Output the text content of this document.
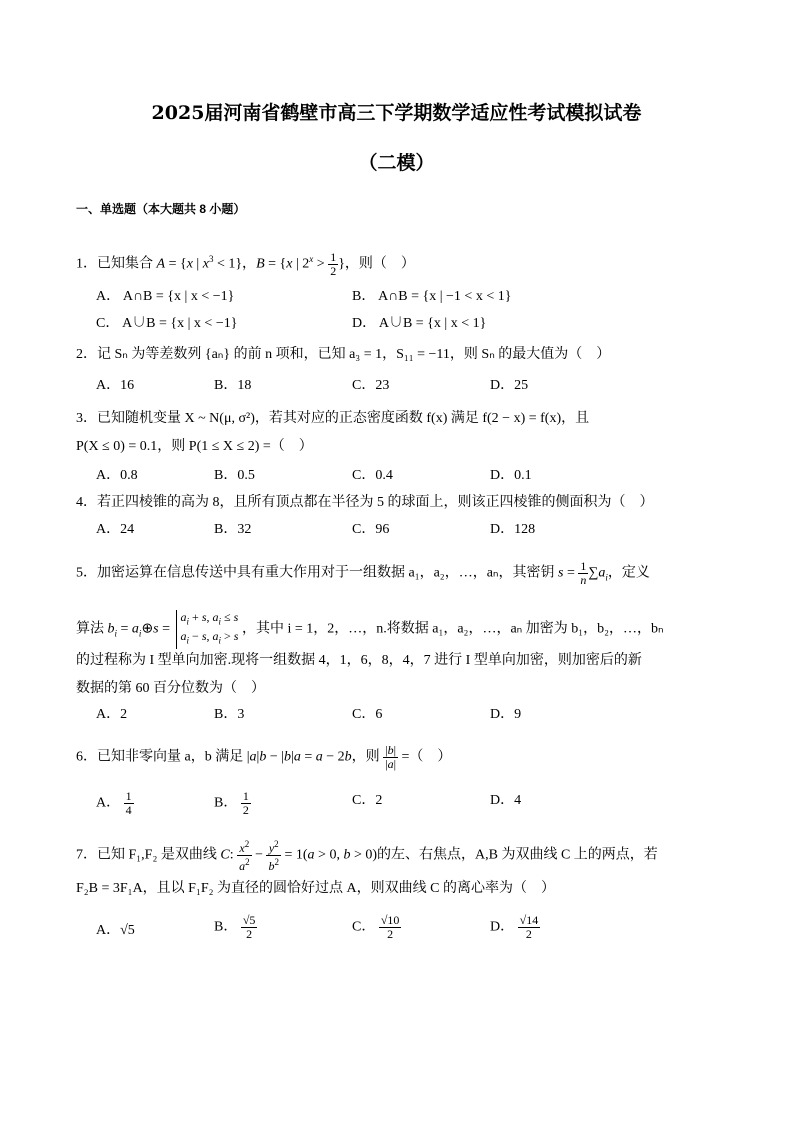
2025届河南省鹤壁市高三下学期数学适应性考试模拟试卷
（二模）
一、单选题（本大题共 8 小题）
1．已知集合 A = {x | $x^3 < 1$}，B = {x | $2^x > \frac{1}{2}$ }，则（　）
A． A∩B = {x | x < −1}	B． A∩B = {x | −1 < x < 1}
C． A∪B = {x | x < −1}	D． A∪B = {x | x < 1}
2．记 Sₙ 为等差数列 {aₙ} 的前 n 项和，已知 a₃ = 1，S₁₁ = −11，则 Sₙ 的最大值为（　）
A．16	B．18	C．23	D．25
3．已知随机变量 X ~ N(μ, σ²)，若其对应的正态密度函数 f(x) 满足 f(2 − x) = f(x)，且
P(X ≤ 0) = 0.1，则 P(1 ≤ X ≤ 2) =（　）
A．0.8	B．0.5	C．0.4	D．0.1
4．若正四棱锥的高为 8，且所有顶点都在半径为 5 的球面上，则该正四棱锥的侧面积为（　）
A．24	B．32	C．96	D．128
5．加密运算在信息传送中具有重大作用对于一组数据 a₁，a₂，…，aₙ，其密钥 $s = \frac{1}{n} \sum a_i$，定义
算法 $b_i$ = $a_i\oplus s = a_i + s$, $a_i \le s$
$a_i - s$, $a_i > s$ ，其中 i = 1，2，…，n.将数据 a₁，a₂，…，aₙ 加密为 b₁，b₂，…，bₙ
的过程称为 I 型单向加密.现将一组数据 4，1，6，8，4，7 进行 I 型单向加密，则加密后的新
数据的第 60 百分位数为（　）
A．2	B．3	C．6	D．9
6．已知非零向量 a，b 满足 |a|b − |b|a = a − 2b，则 $\frac{|b|}{|a|}$ =（　）
A． $\frac{1}{4}$	B． $\frac{1}{2}$	C．2	D．4
7．已知 F₁,F₂ 是双曲线 C: $\frac{x^2}{a^2} - \frac{y^2}{b^2} = 1(a > 0$, b > 0)的左、右焦点，A,B 为双曲线 C 上的两点，若
F₂B = 3F₁A，且以 F₁F₂ 为直径的圆恰好过点 A，则双曲线 C 的离心率为（　）
A．√5	B． $\frac{√5}{2}$	C． $\frac{√10}{2}$	D． $\frac{√14}{2}$
